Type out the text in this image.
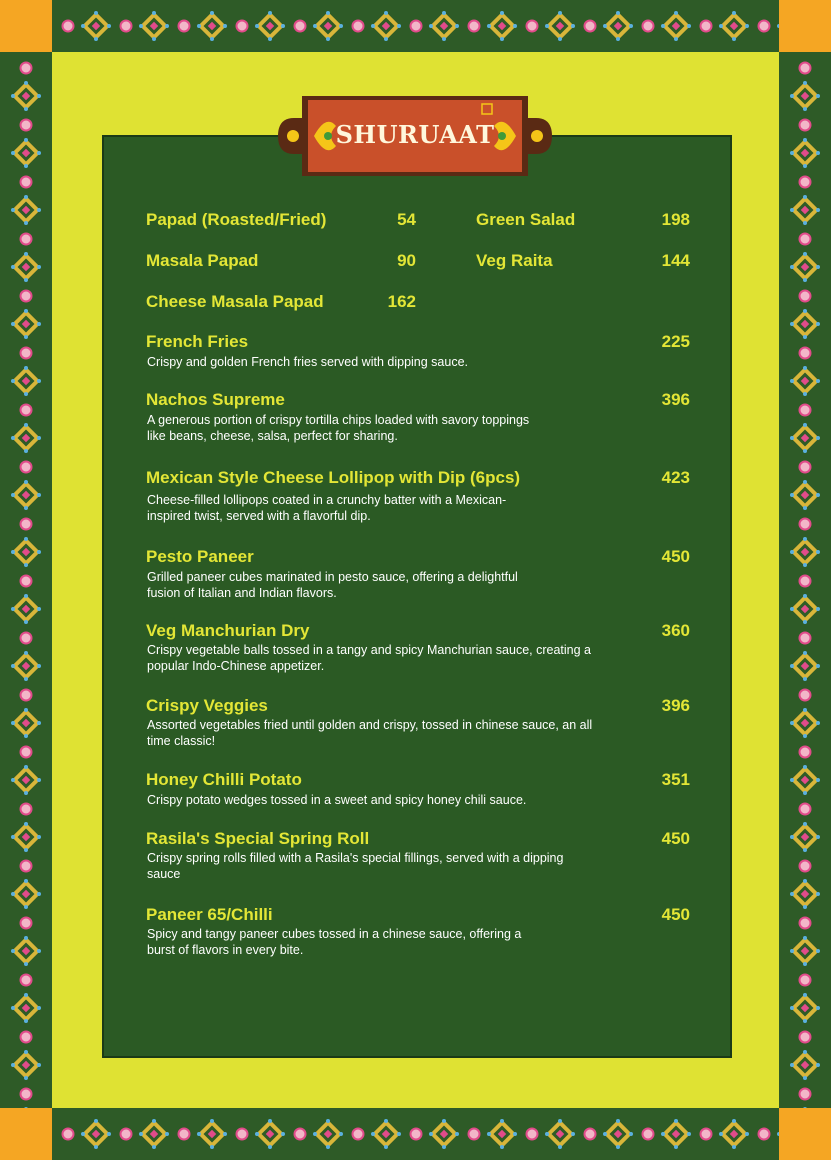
SHURUAAT
Papad (Roasted/Fried)	54
Masala Papad	90
Cheese Masala Papad	162
Green Salad	198
Veg Raita	144
French Fries	225
Crispy and golden French fries served with dipping sauce.
Nachos Supreme	396
A generous portion of crispy tortilla chips loaded with savory toppings like beans, cheese, salsa, perfect for sharing.
Mexican Style Cheese Lollipop with Dip (6pcs)	423
Cheese-filled lollipops coated in a crunchy batter with a Mexican-inspired twist, served with a flavorful dip.
Pesto Paneer	450
Grilled paneer cubes marinated in pesto sauce, offering a delightful fusion of Italian and Indian flavors.
Veg Manchurian Dry	360
Crispy vegetable balls tossed in a tangy and spicy Manchurian sauce, creating a popular Indo-Chinese appetizer.
Crispy Veggies	396
Assorted vegetables fried until golden and crispy, tossed in chinese sauce, an all time classic!
Honey Chilli Potato	351
Crispy potato wedges tossed in a sweet and spicy honey chili sauce.
Rasila's Special Spring Roll	450
Crispy spring rolls filled with a Rasila's special fillings, served with a dipping sauce
Paneer 65/Chilli	450
Spicy and tangy paneer cubes tossed in a chinese sauce, offering a burst of flavors in every bite.
